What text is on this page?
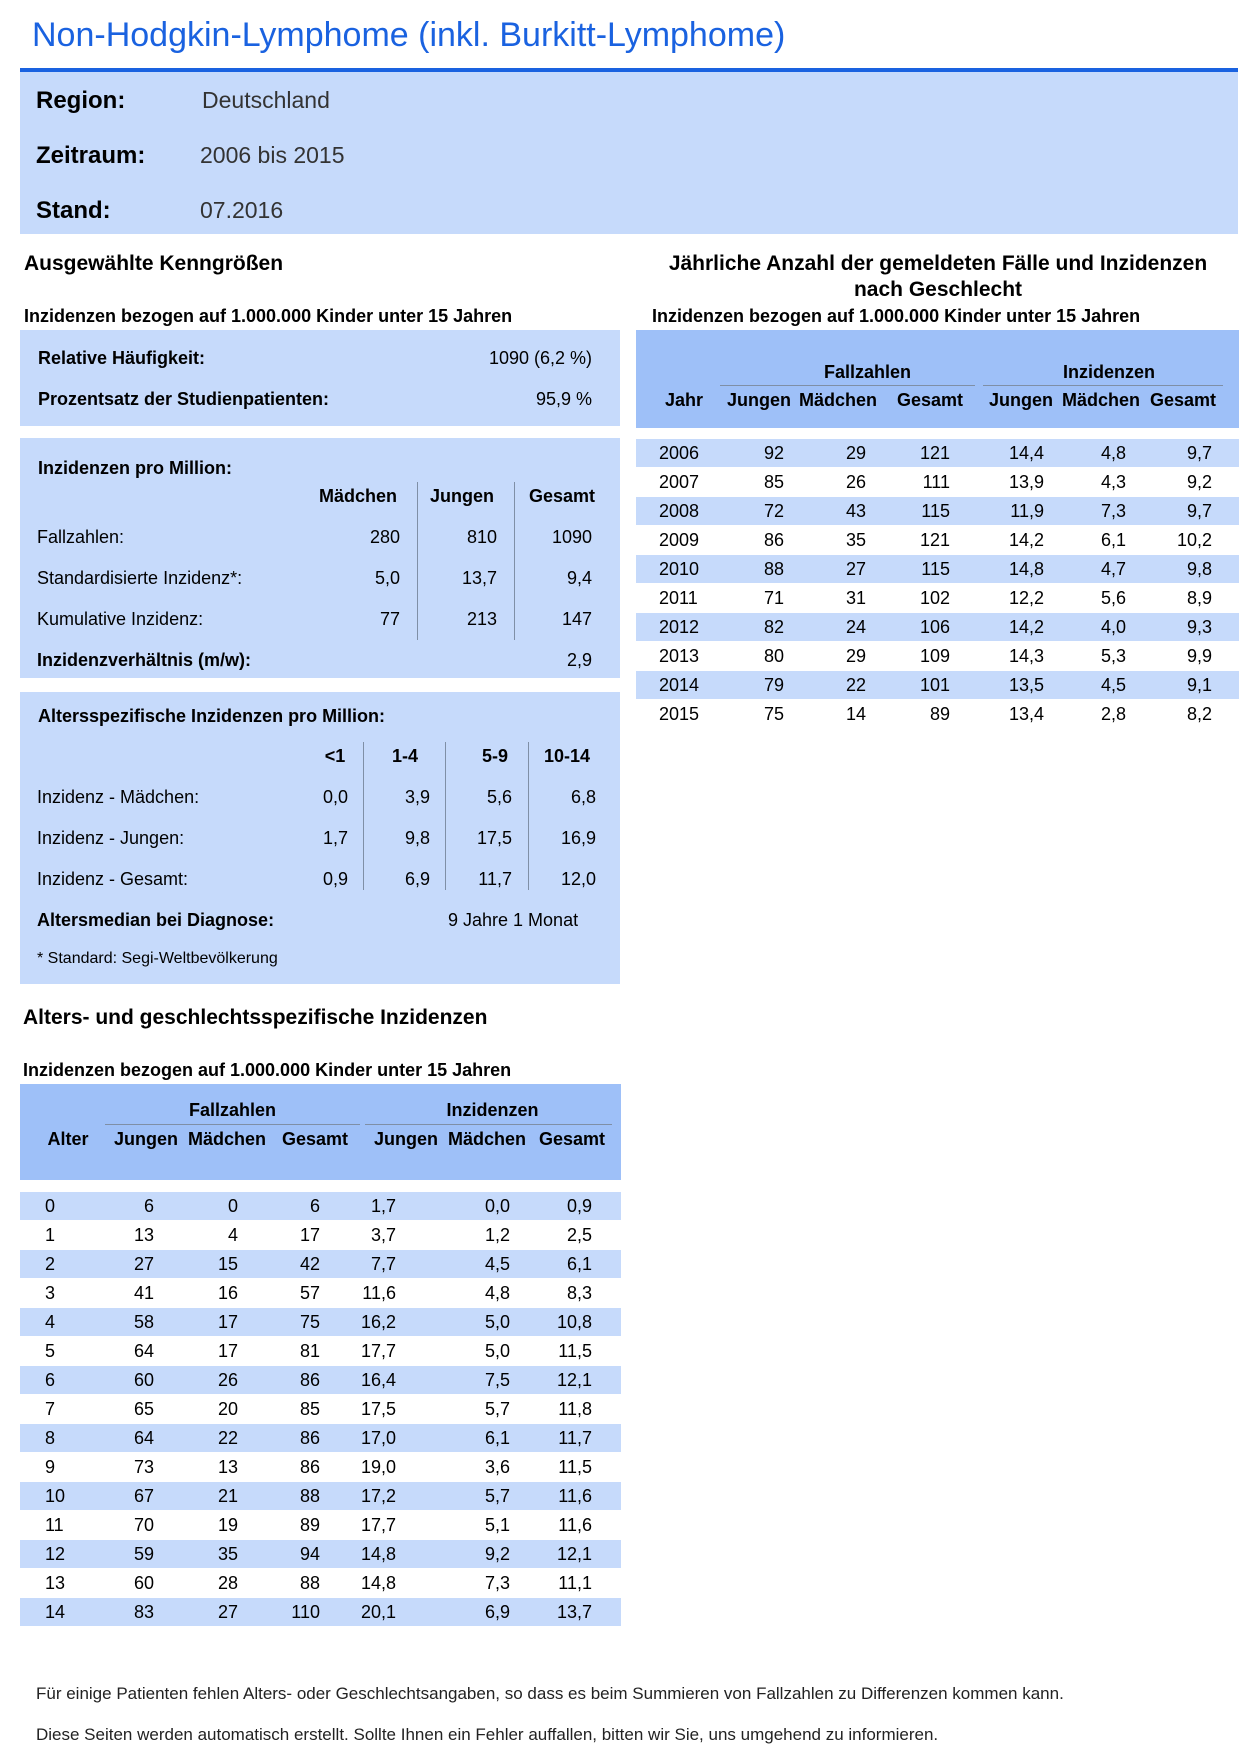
Non-Hodgkin-Lymphome (inkl. Burkitt-Lymphome)
Region:	Deutschland
Zeitraum: 2006 bis 2015
Stand:	07.2016
Ausgewählte Kenngrößen
Inzidenzen bezogen auf 1.000.000 Kinder unter 15 Jahren
Relative Häufigkeit:	1090 (6,2 %)
Prozentsatz der Studienpatienten:	95,9 %
Inzidenzen pro Million:
Mädchen	Jungen	Gesamt
Fallzahlen:	280	810	1090
Standardisierte Inzidenz*:	5,0	13,7	9,4
Kumulative Inzidenz:	77	213	147
Inzidenzverhältnis (m/w):	2,9
Altersspezifische Inzidenzen pro Million:
<1	1-4	5-9	10-14
Inzidenz - Mädchen:	0,0	3,9	5,6	6,8
Inzidenz - Jungen:	1,7	9,8	17,5	16,9
Inzidenz - Gesamt:	0,9	6,9	11,7	12,0
Altersmedian bei Diagnose:	9 Jahre 1 Monat
* Standard: Segi-Weltbevölkerung
Jährliche Anzahl der gemeldeten Fälle und Inzidenzen
nach Geschlecht
Inzidenzen bezogen auf 1.000.000 Kinder unter 15 Jahren
Fallzahlen	Inzidenzen
Jahr	Jungen Mädchen	Gesamt	Jungen Mädchen Gesamt
2006	92	29	121	14,4	4,8	9,7
2007	85	26	111	13,9	4,3	9,2
2008	72	43	115	11,9	7,3	9,7
2009	86	35	121	14,2	6,1	10,2
2010	88	27	115	14,8	4,7	9,8
2011	71	31	102	12,2	5,6	8,9
2012	82	24	106	14,2	4,0	9,3
2013	80	29	109	14,3	5,3	9,9
2014	79	22	101	13,5	4,5	9,1
2015	75	14	89	13,4	2,8	8,2
Alters- und geschlechtsspezifische Inzidenzen
Inzidenzen bezogen auf 1.000.000 Kinder unter 15 Jahren
Fallzahlen	Inzidenzen
Alter	Jungen Mädchen Gesamt	Jungen Mädchen Gesamt
0	6	0	6	1,7	0,0	0,9
1	13	4	17	3,7	1,2	2,5
2	27	15	42	7,7	4,5	6,1
3	41	16	57	11,6	4,8	8,3
4	58	17	75	16,2	5,0	10,8
5	64	17	81	17,7	5,0	11,5
6	60	26	86	16,4	7,5	12,1
7	65	20	85	17,5	5,7	11,8
8	64	22	86	17,0	6,1	11,7
9	73	13	86	19,0	3,6	11,5
10	67	21	88	17,2	5,7	11,6
11	70	19	89	17,7	5,1	11,6
12	59	35	94	14,8	9,2	12,1
13	60	28	88	14,8	7,3	11,1
14	83	27	110	20,1	6,9	13,7
Für einige Patienten fehlen Alters- oder Geschlechtsangaben, so dass es beim Summieren von Fallzahlen zu Differenzen kommen kann.
Diese Seiten werden automatisch erstellt. Sollte Ihnen ein Fehler auffallen, bitten wir Sie, uns umgehend zu informieren.
